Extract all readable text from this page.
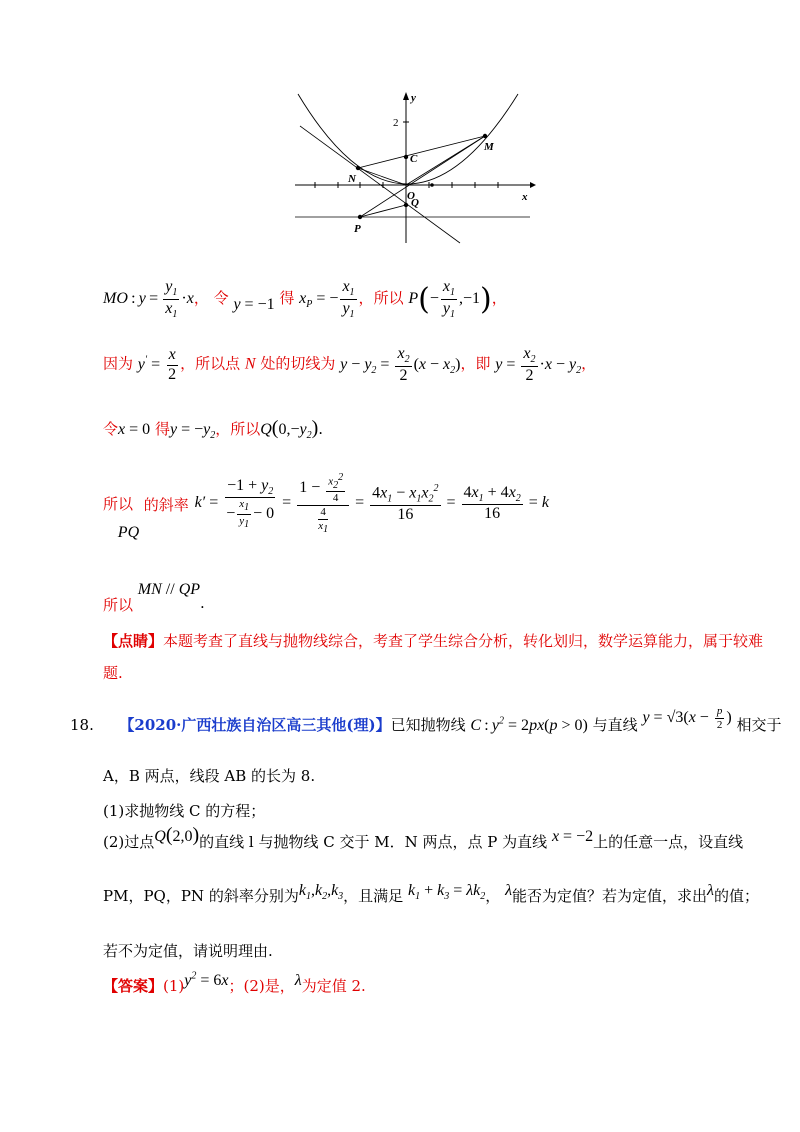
y
x
2
M
N
C
O
Q
P
MO : $y = \frac{y_1}{x_1} \cdot x$， 令 y = −1 得 $x_P$ = − $\frac{x_1}{y_1}$ ，所以 $P(- \frac{x_1}{y_1} ,-1)$，
因为 $y' = \frac{x}{2}$ ，所以点 N 处的切线为 $y - y_2 = \frac{x_2}{2} (x - x_2)$，即 $y = \frac{x_2}{2} \cdot x - y_2$，
令x = 0 得$y = -y_2$，所以$Q(0,-y_2)$.
所以 的斜率
PQ
$k' = \frac{-1 + y_2}{- \frac{x_1}{y_1} - 0} = \frac{1 - \frac{x_2^2}{4}}{\frac{4}{x_1}} = \frac{4x_1 - x_1x_2^2}{16} = \frac{4x_1 + 4x_2}{16} = k$
所以 MN // QP.
【点睛】本题考查了直线与抛物线综合，考查了学生综合分析，转化划归，数学运算能力，属于较难
题.
18. 【2020·广西壮族自治区高三其他(理)】已知抛物线 C : $y^2 = 2px(p > 0)$ 与直线 $y = √3(x - \frac{p}{2}$ ) 相交于
A，B 两点，线段 AB 的长为 8.
(1)求抛物线 C 的方程；
(2)过点Q(2,0)的直线 l 与抛物线 C 交于 M．N 两点，点 P 为直线 x = −2上的任意一点，设直线
PM，PQ，PN 的斜率分别为$k_1,k_2,k_3$，且满足 $k_1 + k_3 = \lambda k_2$， λ能否为定值？若为定值，求出λ的值；
若不为定值，请说明理由.
【答案】$(1)y^2 = 6x$；(2)是，λ为定值 2.
